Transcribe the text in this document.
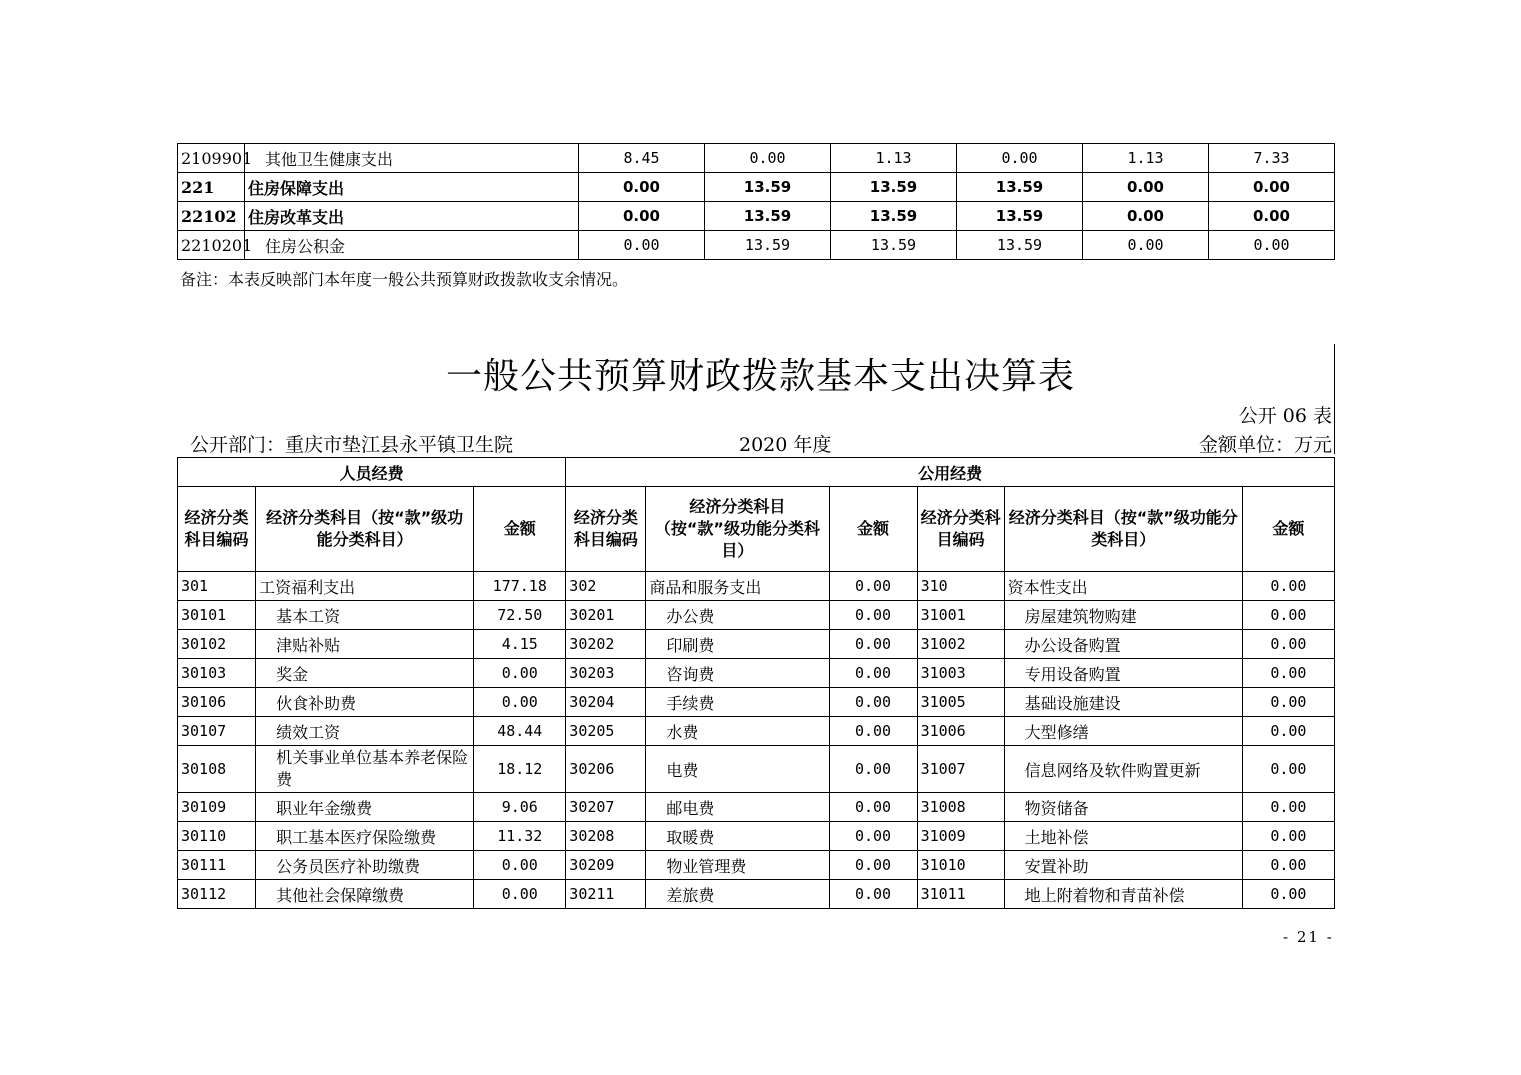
2109901	其他卫生健康支出	8.45	0.00	1.13	0.00	1.13	7.33
221	住房保障支出	0.00	13.59	13.59	13.59	0.00	0.00
22102	住房改革支出	0.00	13.59	13.59	13.59	0.00	0.00
2210201	住房公积金	0.00	13.59	13.59	13.59	0.00	0.00
备注：本表反映部门本年度一般公共预算财政拨款收支余情况。
一般公共预算财政拨款基本支出决算表
公开 06 表
公开部门：重庆市垫江县永平镇卫生院	2020 年度	金额单位：万元
人员经费			公用经费					
经济分类科目编码	经济分类科目（按“款”级功能分类科目）	金额	经济分类科目编码	经济分类科目（按“款”级功能分类科目）	金额	经济分类科目编码	经济分类科目（按“款”级功能分类科目）	金额
301	工资福利支出	177.18	302	商品和服务支出	0.00	310	资本性支出	0.00
30101	基本工资	72.50	30201	办公费	0.00	31001	房屋建筑物购建	0.00
30102	津贴补贴	4.15	30202	印刷费	0.00	31002	办公设备购置	0.00
30103	奖金	0.00	30203	咨询费	0.00	31003	专用设备购置	0.00
30106	伙食补助费	0.00	30204	手续费	0.00	31005	基础设施建设	0.00
30107	绩效工资	48.44	30205	水费	0.00	31006	大型修缮	0.00
30108	机关事业单位基本养老保险费	18.12	30206	电费	0.00	31007	信息网络及软件购置更新	0.00
30109	职业年金缴费	9.06	30207	邮电费	0.00	31008	物资储备	0.00
30110	职工基本医疗保险缴费	11.32	30208	取暖费	0.00	31009	土地补偿	0.00
30111	公务员医疗补助缴费	0.00	30209	物业管理费	0.00	31010	安置补助	0.00
30112	其他社会保障缴费	0.00	30211	差旅费	0.00	31011	地上附着物和青苗补偿	0.00
- 21 -
